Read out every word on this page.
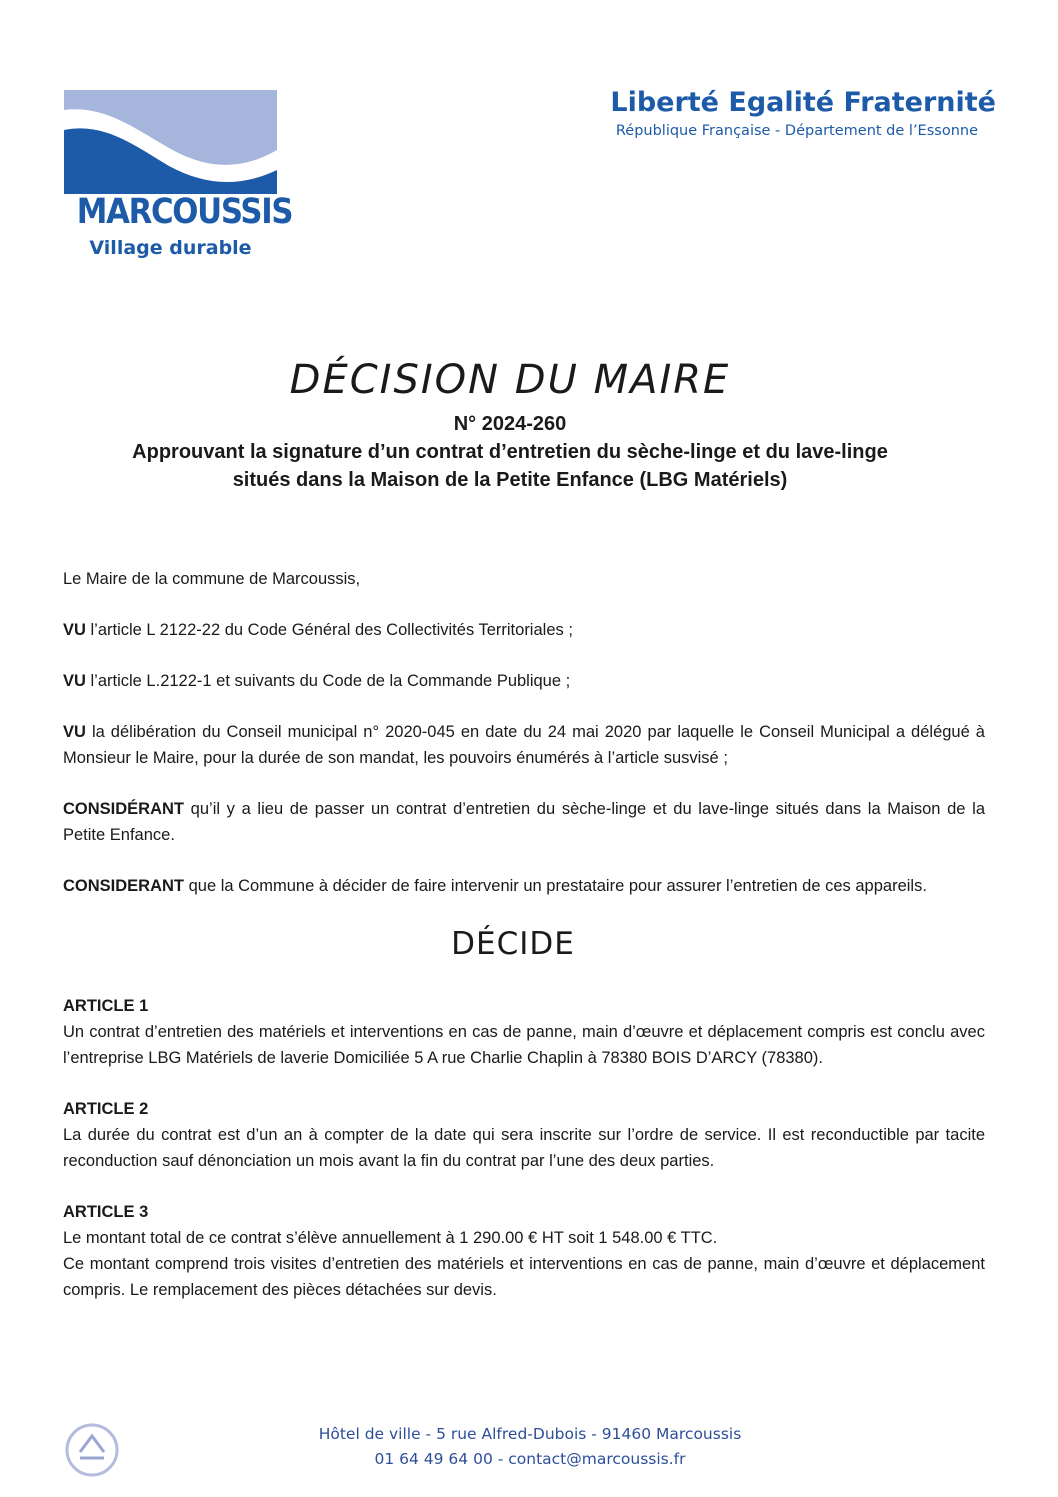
MARCOUSSIS
Village durable
Liberté Egalité Fraternité
République Française - Département de l’Essonne
DÉCISION DU MAIRE
N° 2024-260
Approuvant la signature d’un contrat d’entretien du sèche-linge et du lave-linge
situés dans la Maison de la Petite Enfance (LBG Matériels)

Le Maire de la commune de Marcoussis,

VU l’article L 2122-22 du Code Général des Collectivités Territoriales ;

VU l’article L.2122-1 et suivants du Code de la Commande Publique ;

VU la délibération du Conseil municipal n° 2020-045 en date du 24 mai 2020 par laquelle le Conseil Municipal a délégué à Monsieur le Maire, pour la durée de son mandat, les pouvoirs énumérés à l’article susvisé ;

CONSIDÉRANT qu’il y a lieu de passer un contrat d’entretien du sèche-linge et du lave-linge situés dans la Maison de la Petite Enfance.

CONSIDERANT que la Commune à décider de faire intervenir un prestataire pour assurer l’entretien de ces appareils.

DÉCIDE
ARTICLE 1
Un contrat d’entretien des matériels et interventions en cas de panne, main d’œuvre et déplacement compris est conclu avec l’entreprise LBG Matériels de laverie Domiciliée 5 A rue Charlie Chaplin à 78380 BOIS D’ARCY (78380).
ARTICLE 2
La durée du contrat est d’un an à compter de la date qui sera inscrite sur l’ordre de service. Il est reconductible par tacite reconduction sauf dénonciation un mois avant la fin du contrat par l’une des deux parties.
ARTICLE 3
Le montant total de ce contrat s’élève annuellement à 1 290.00 € HT soit 1 548.00 € TTC.
Ce montant comprend trois visites d’entretien des matériels et interventions en cas de panne, main d’œuvre et déplacement compris. Le remplacement des pièces détachées sur devis.
Hôtel de ville - 5 rue Alfred-Dubois - 91460 Marcoussis
01 64 49 64 00 - contact@marcoussis.fr
